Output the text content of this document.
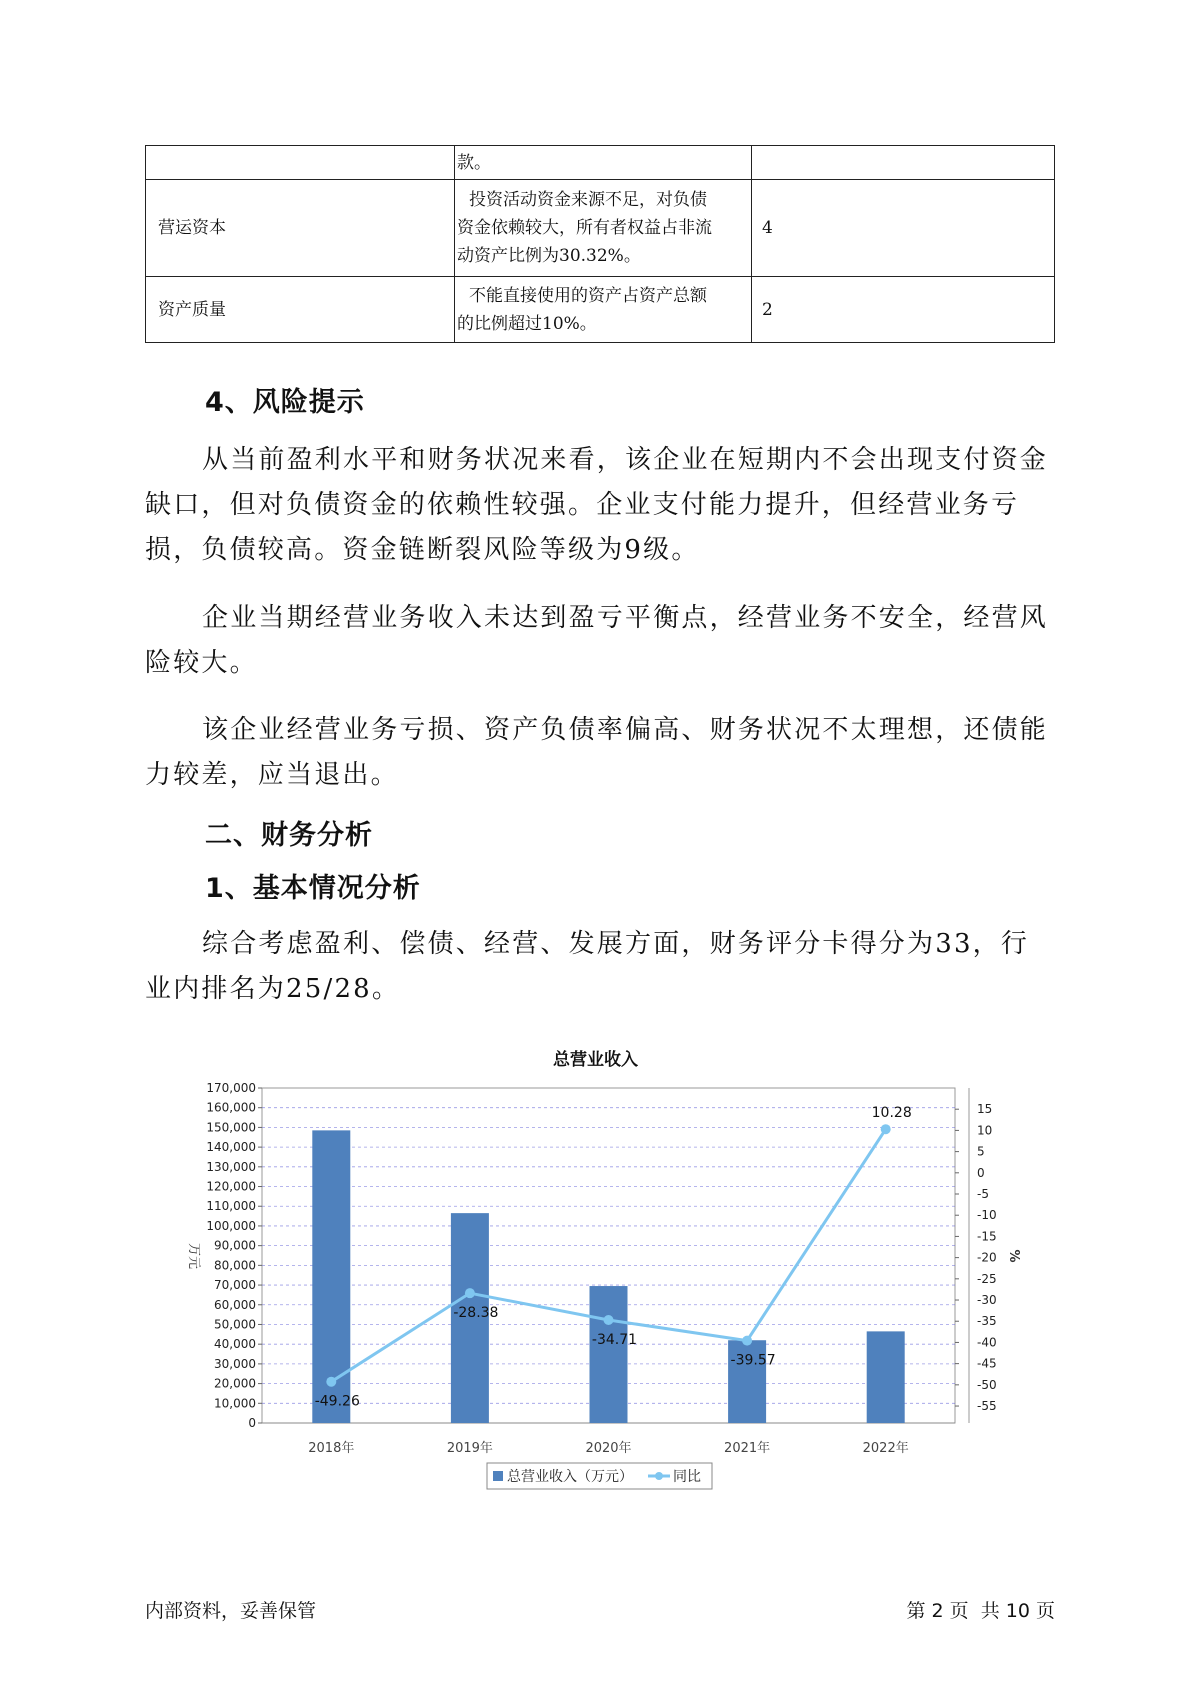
	款。	

营运资本	投资活动资金来源不足，对负债
资金依赖较大，所有者权益占非流
动资产比例为30.32%。	4
资产质量	不能直接使用的资产占资产总额
的比例超过10%。	2
4、风险提示

从当前盈利水平和财务状况来看，该企业在短期内不会出现支付资金缺口，但对负债资金的依赖性较强。企业支付能力提升，但经营业务亏损，负债较高。资金链断裂风险等级为9级。

企业当期经营业务收入未达到盈亏平衡点，经营业务不安全，经营风险较大。

该企业经营业务亏损、资产负债率偏高、财务状况不太理想，还债能力较差，应当退出。

二、财务分析
1、基本情况分析

综合考虑盈利、偿债、经营、发展方面，财务评分卡得分为33，行业内排名为25/28。

总营业收入
0
10,000
20,000
30,000
40,000
50,000
60,000
70,000
80,000
90,000
100,000
110,000
120,000
130,000
140,000
150,000
160,000
170,000
15
10
5
0
-5
-10
-15
-20
-25
-30
-35
-40
-45
-50
-55
万元	%
2018年	2019年	2020年	2021年	2022年
-49.26
-28.38
-34.71
-39.57
10.28
总营业收入（万元）	同比
内部资料，妥善保管	第 2 页  共 10 页
